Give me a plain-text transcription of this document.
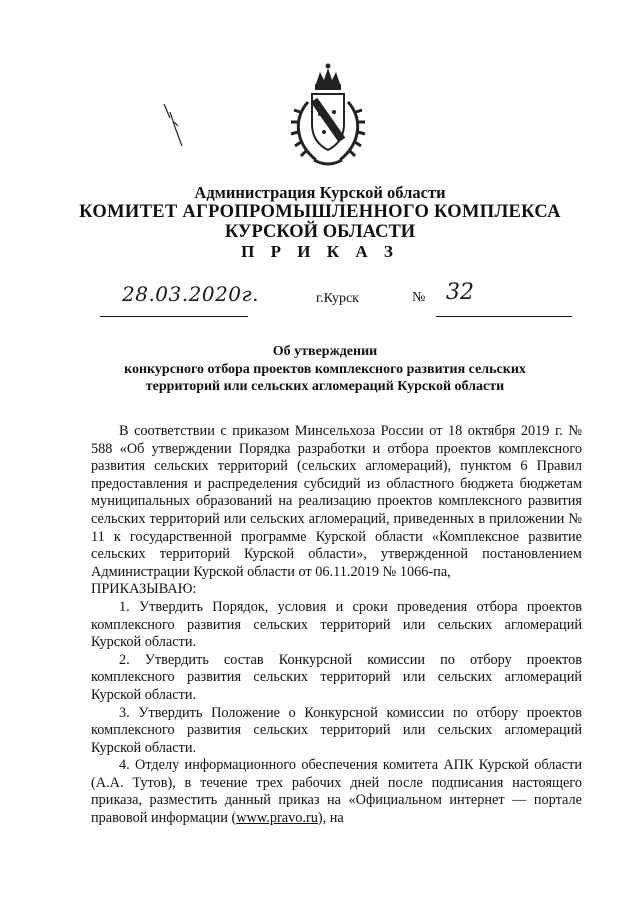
Администрация Курской области

КОМИТЕТ АГРОПРОМЫШЛЕННОГО КОМПЛЕКСА

КУРСКОЙ ОБЛАСТИ

П Р И К А З

28.03.2020г.	г.Курск	№ 32

Об утверждении

конкурсного отбора проектов комплексного развития сельских

территорий или сельских агломераций Курской области

В соответствии с приказом Минсельхоза России от 18 октября 2019 г. № 588 «Об утверждении Порядка разработки и отбора проектов комплексного развития сельских территорий (сельских агломераций), пунктом 6 Правил предоставления и распределения субсидий из областного бюджета бюджетам муниципальных образований на реализацию проектов комплексного развития сельских территорий или сельских агломераций, приведенных в приложении № 11 к государственной программе Курской области «Комплексное развитие сельских территорий Курской области», утвержденной постановлением Администрации Курской области от 06.11.2019 № 1066-па,

ПРИКАЗЫВАЮ:

1. Утвердить Порядок, условия и сроки проведения отбора проектов комплексного развития сельских территорий или сельских агломераций Курской области.

2. Утвердить состав Конкурсной комиссии по отбору проектов комплексного развития сельских территорий или сельских агломераций Курской области.

3. Утвердить Положение о Конкурсной комиссии по отбору проектов комплексного развития сельских территорий или сельских агломераций Курской области.

4. Отделу информационного обеспечения комитета АПК Курской области (А.А. Тутов), в течение трех рабочих дней после подписания настоящего приказа, разместить данный приказ на «Официальном интернет — портале правовой информации (www.pravo.ru), на
